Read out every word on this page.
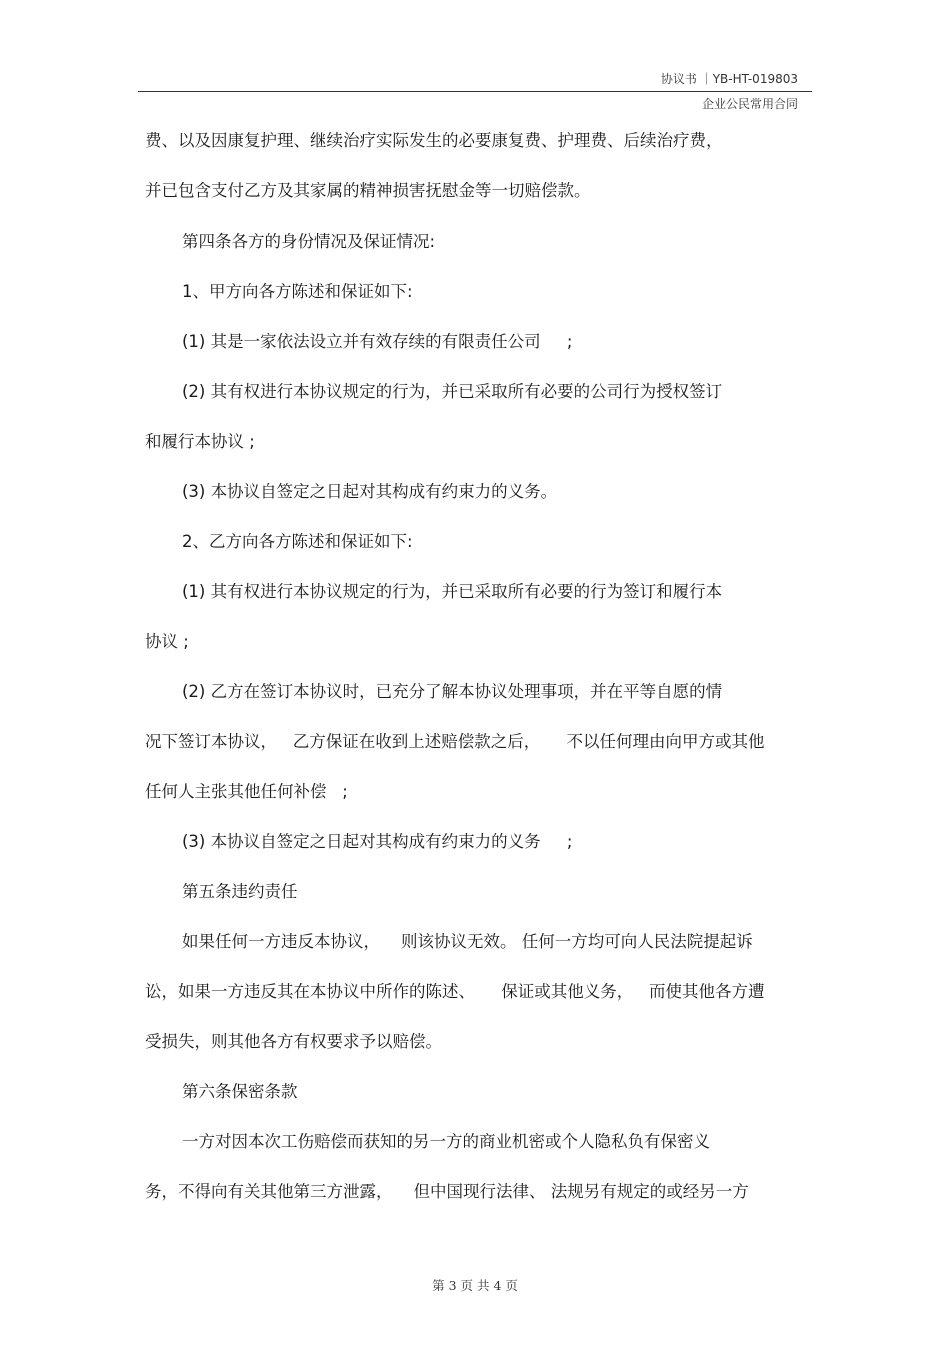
协议书 ｜YB-HT-019803
企业公民常用合同
费、以及因康复护理、继续治疗实际发生的必要康复费、护理费、后续治疗费，
并已包含支付乙方及其家属的精神损害抚慰金等一切赔偿款。
第四条各方的身份情况及保证情况:
1、甲方向各方陈述和保证如下:
(1) 其是一家依法设立并有效存续的有限责任公司     ;
(2) 其有权进行本协议规定的行为，并已采取所有必要的公司行为授权签订
和履行本协议 ;
(3) 本协议自签定之日起对其构成有约束力的义务。
2、乙方向各方陈述和保证如下:
(1) 其有权进行本协议规定的行为，并已采取所有必要的行为签订和履行本
协议 ;
(2) 乙方在签订本协议时，已充分了解本协议处理事项，并在平等自愿的情
况下签订本协议，   乙方保证在收到上述赔偿款之后，     不以任何理由向甲方或其他
任何人主张其他任何补偿   ;
(3) 本协议自签定之日起对其构成有约束力的义务     ;
第五条违约责任
如果任何一方违反本协议，    则该协议无效。 任何一方均可向人民法院提起诉
讼，如果一方违反其在本协议中所作的陈述、     保证或其他义务，   而使其他各方遭
受损失，则其他各方有权要求予以赔偿。
第六条保密条款
一方对因本次工伤赔偿而获知的另一方的商业机密或个人隐私负有保密义
务，不得向有关其他第三方泄露，    但中国现行法律、 法规另有规定的或经另一方
第 3 页 共 4 页
